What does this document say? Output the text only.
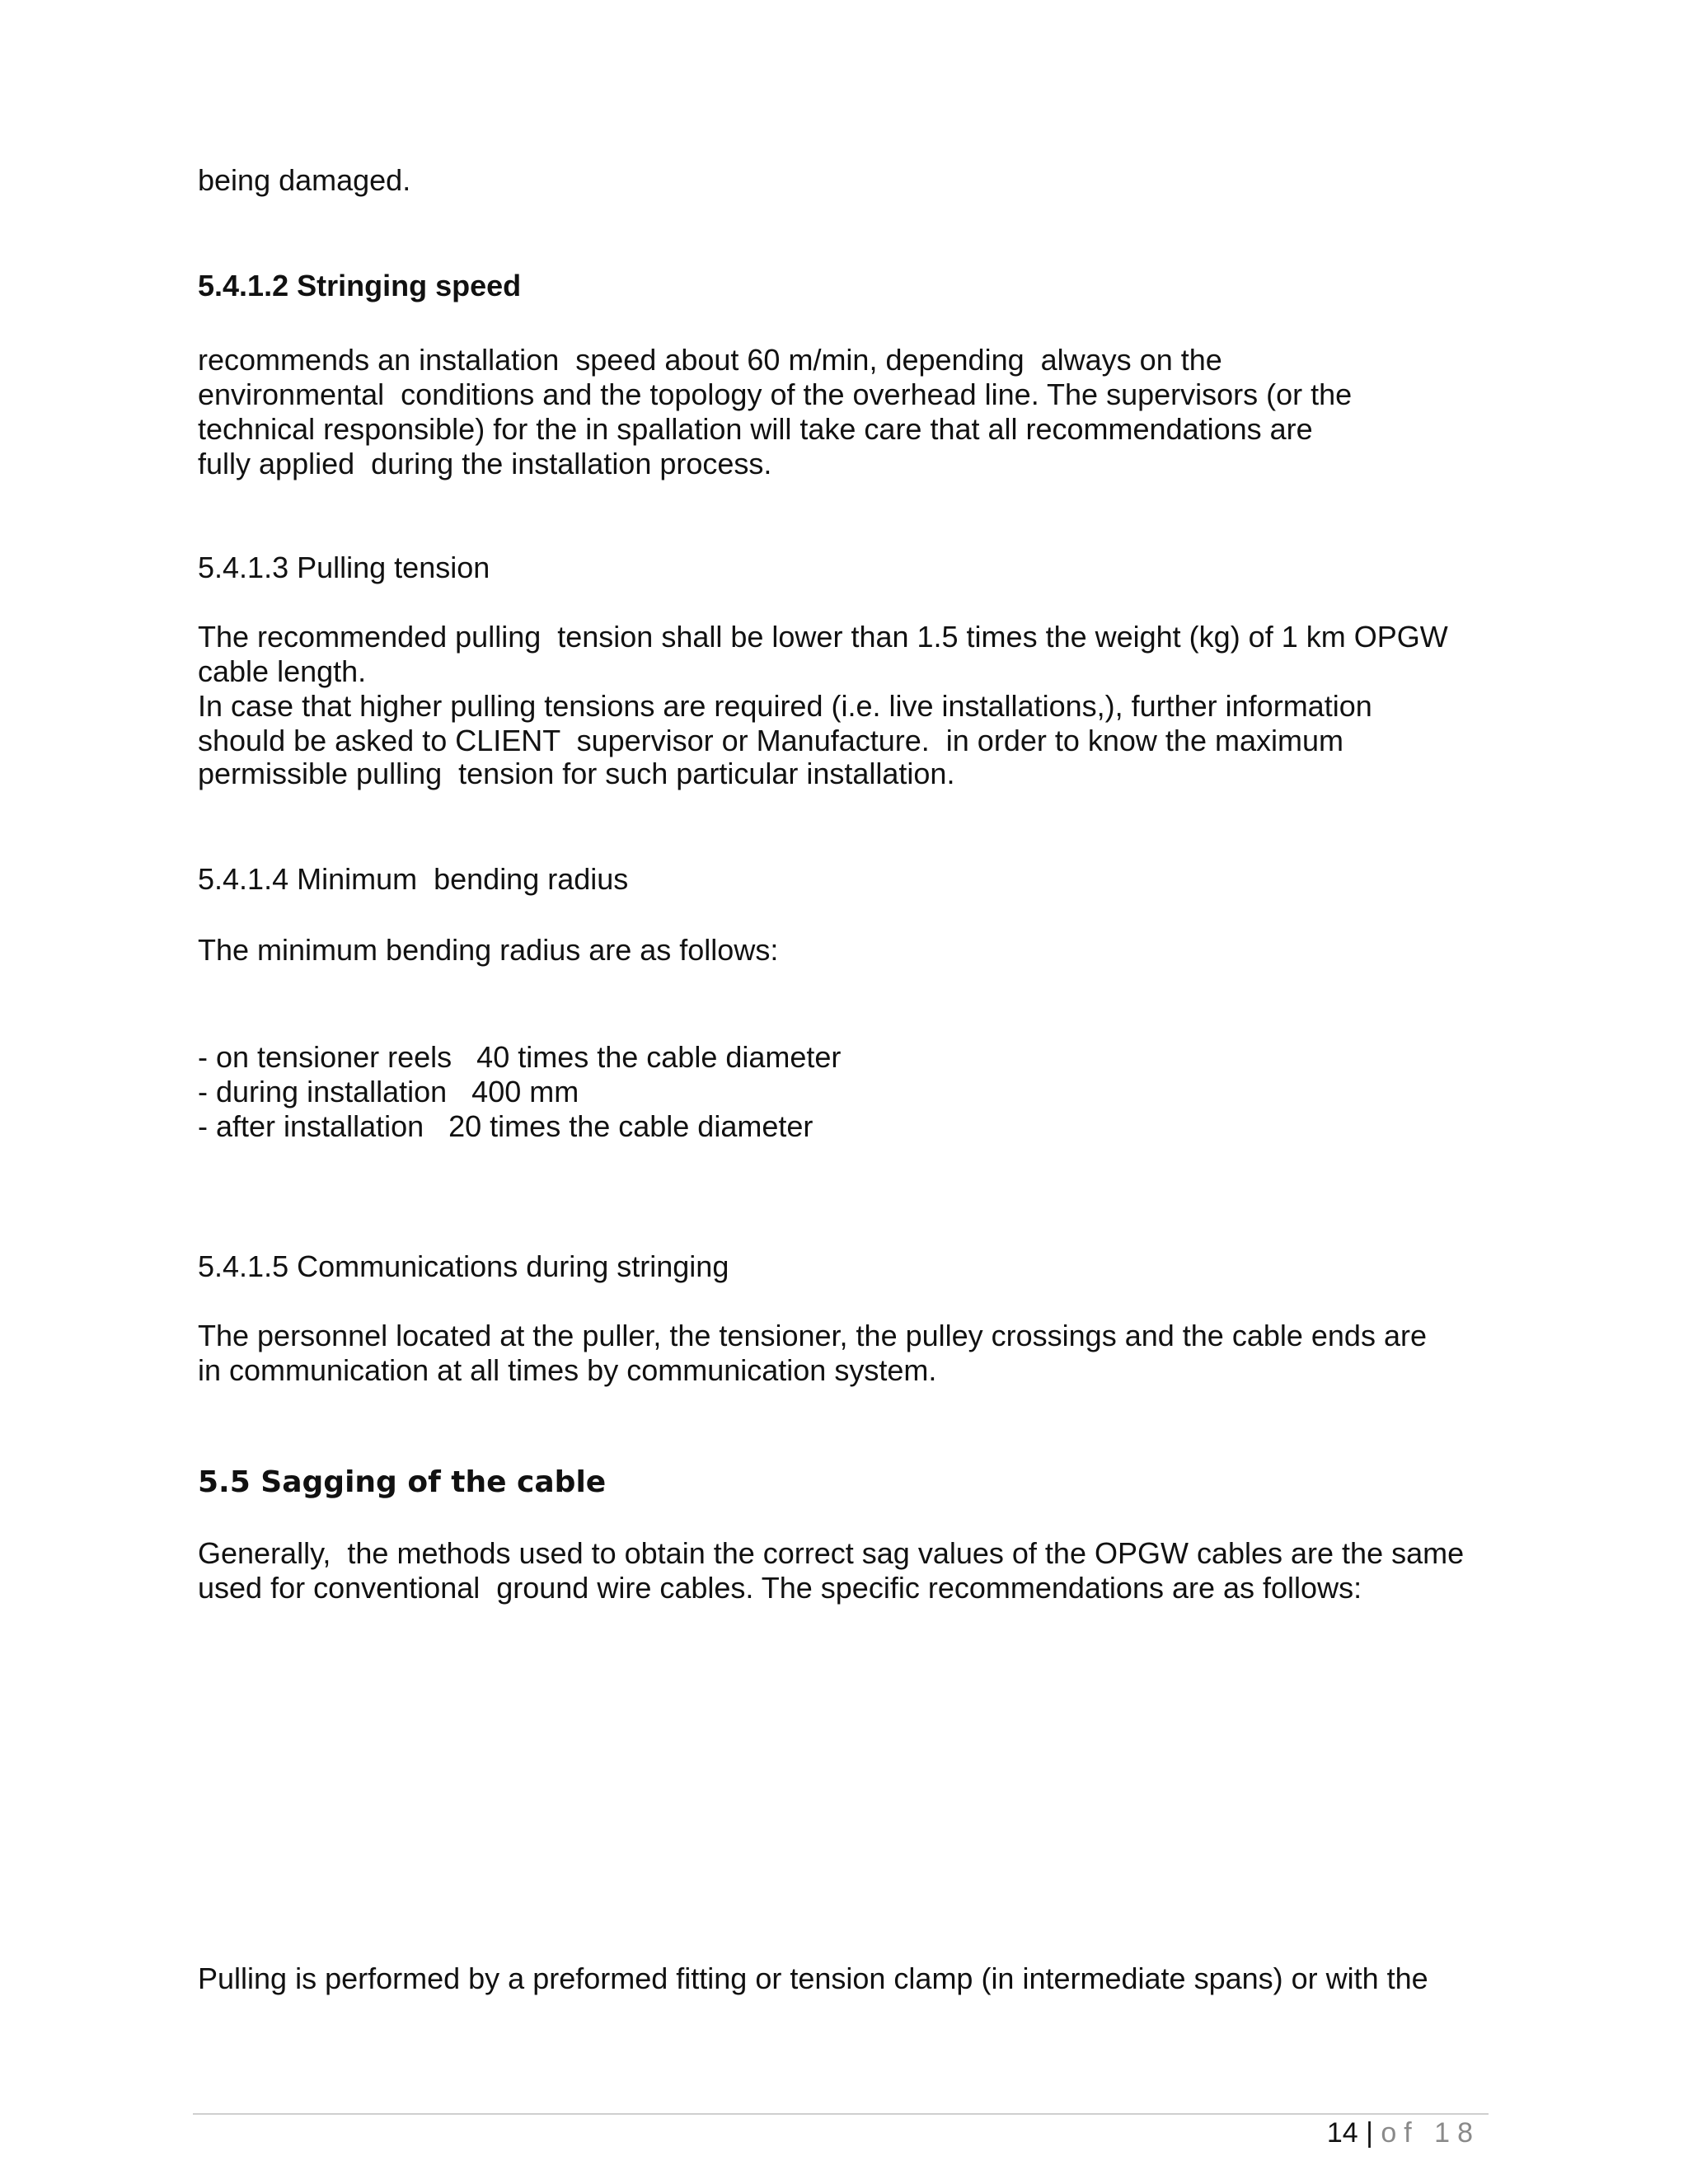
being damaged.

5.4.1.2 Stringing speed

recommends an installation  speed about 60 m/min, depending  always on the

environmental  conditions and the topology of the overhead line. The supervisors (or the

technical responsible) for the in spallation will take care that all recommendations are

fully applied  during the installation process.

5.4.1.3 Pulling tension

The recommended pulling  tension shall be lower than 1.5 times the weight (kg) of 1 km OPGW

cable length.

In case that higher pulling tensions are required (i.e. live installations,), further information

should be asked to CLIENT  supervisor or Manufacture.  in order to know the maximum

permissible pulling  tension for such particular installation.

5.4.1.4 Minimum  bending radius

The minimum bending radius are as follows:

- on tensioner reels   40 times the cable diameter

- during installation   400 mm

- after installation   20 times the cable diameter

5.4.1.5 Communications during stringing

The personnel located at the puller, the tensioner, the pulley crossings and the cable ends are

in communication at all times by communication system.

5.5 Sagging of the cable

Generally,  the methods used to obtain the correct sag values of the OPGW cables are the same

used for conventional  ground wire cables. The specific recommendations are as follows:

Pulling is performed by a preformed fitting or tension clamp (in intermediate spans) or with the

14 | of 18
